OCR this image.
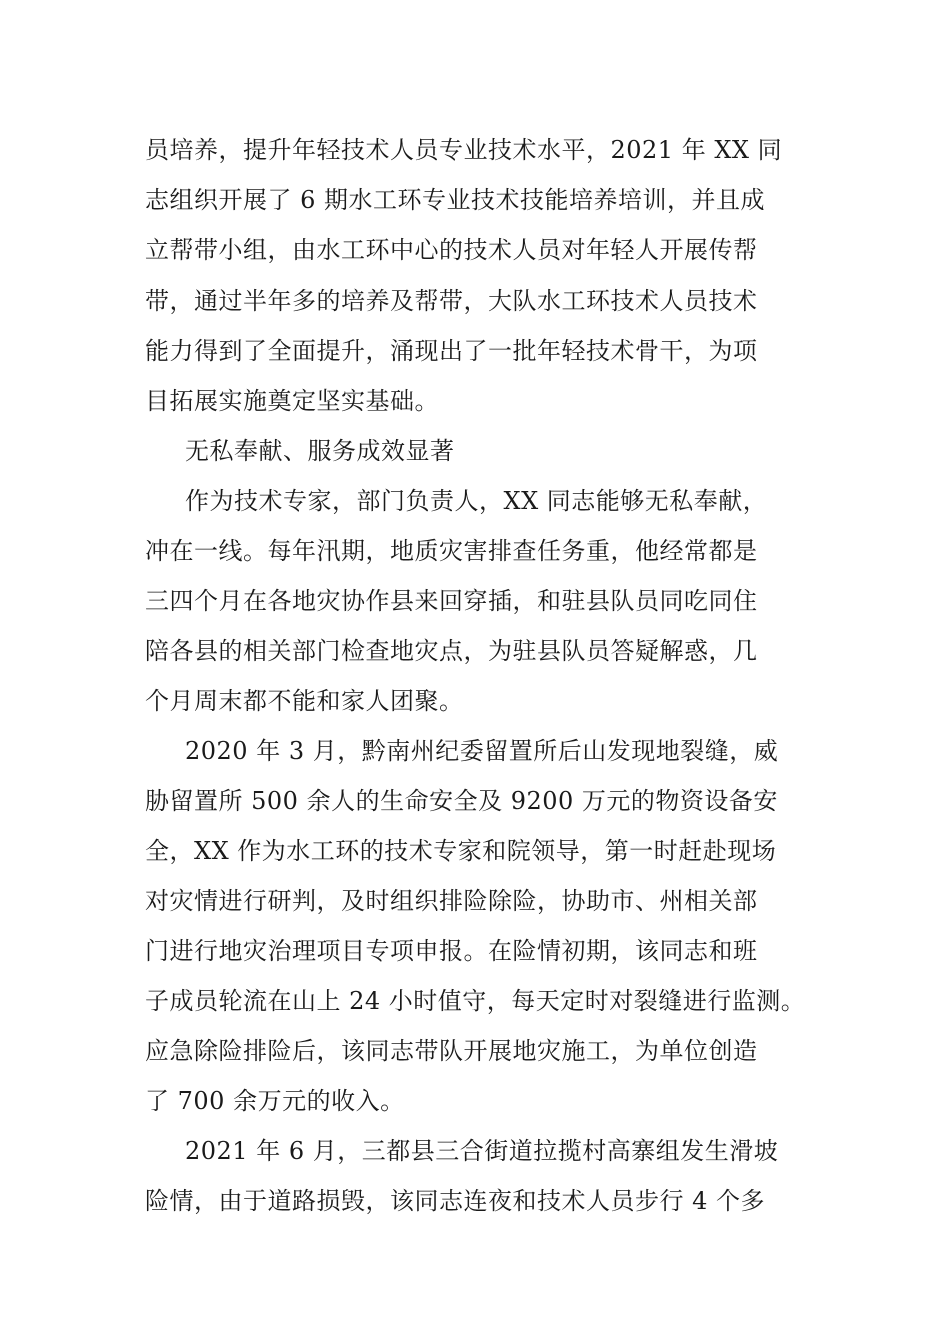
员培养，提升年轻技术人员专业技术水平，2021 年 XX 同
志组织开展了 6 期水工环专业技术技能培养培训，并且成
立帮带小组，由水工环中心的技术人员对年轻人开展传帮
带，通过半年多的培养及帮带，大队水工环技术人员技术
能力得到了全面提升，涌现出了一批年轻技术骨干，为项
目拓展实施奠定坚实基础。
无私奉献、服务成效显著
作为技术专家，部门负责人，XX 同志能够无私奉献，
冲在一线。每年汛期，地质灾害排查任务重，他经常都是
三四个月在各地灾协作县来回穿插，和驻县队员同吃同住
陪各县的相关部门检查地灾点，为驻县队员答疑解惑，几
个月周末都不能和家人团聚。
2020 年 3 月，黔南州纪委留置所后山发现地裂缝，威
胁留置所 500 余人的生命安全及 9200 万元的物资设备安
全，XX 作为水工环的技术专家和院领导，第一时赶赴现场
对灾情进行研判，及时组织排险除险，协助市、州相关部
门进行地灾治理项目专项申报。在险情初期，该同志和班
子成员轮流在山上 24 小时值守，每天定时对裂缝进行监测。
应急除险排险后，该同志带队开展地灾施工，为单位创造
了 700 余万元的收入。
2021 年 6 月，三都县三合街道拉揽村高寨组发生滑坡
险情，由于道路损毁，该同志连夜和技术人员步行 4 个多
